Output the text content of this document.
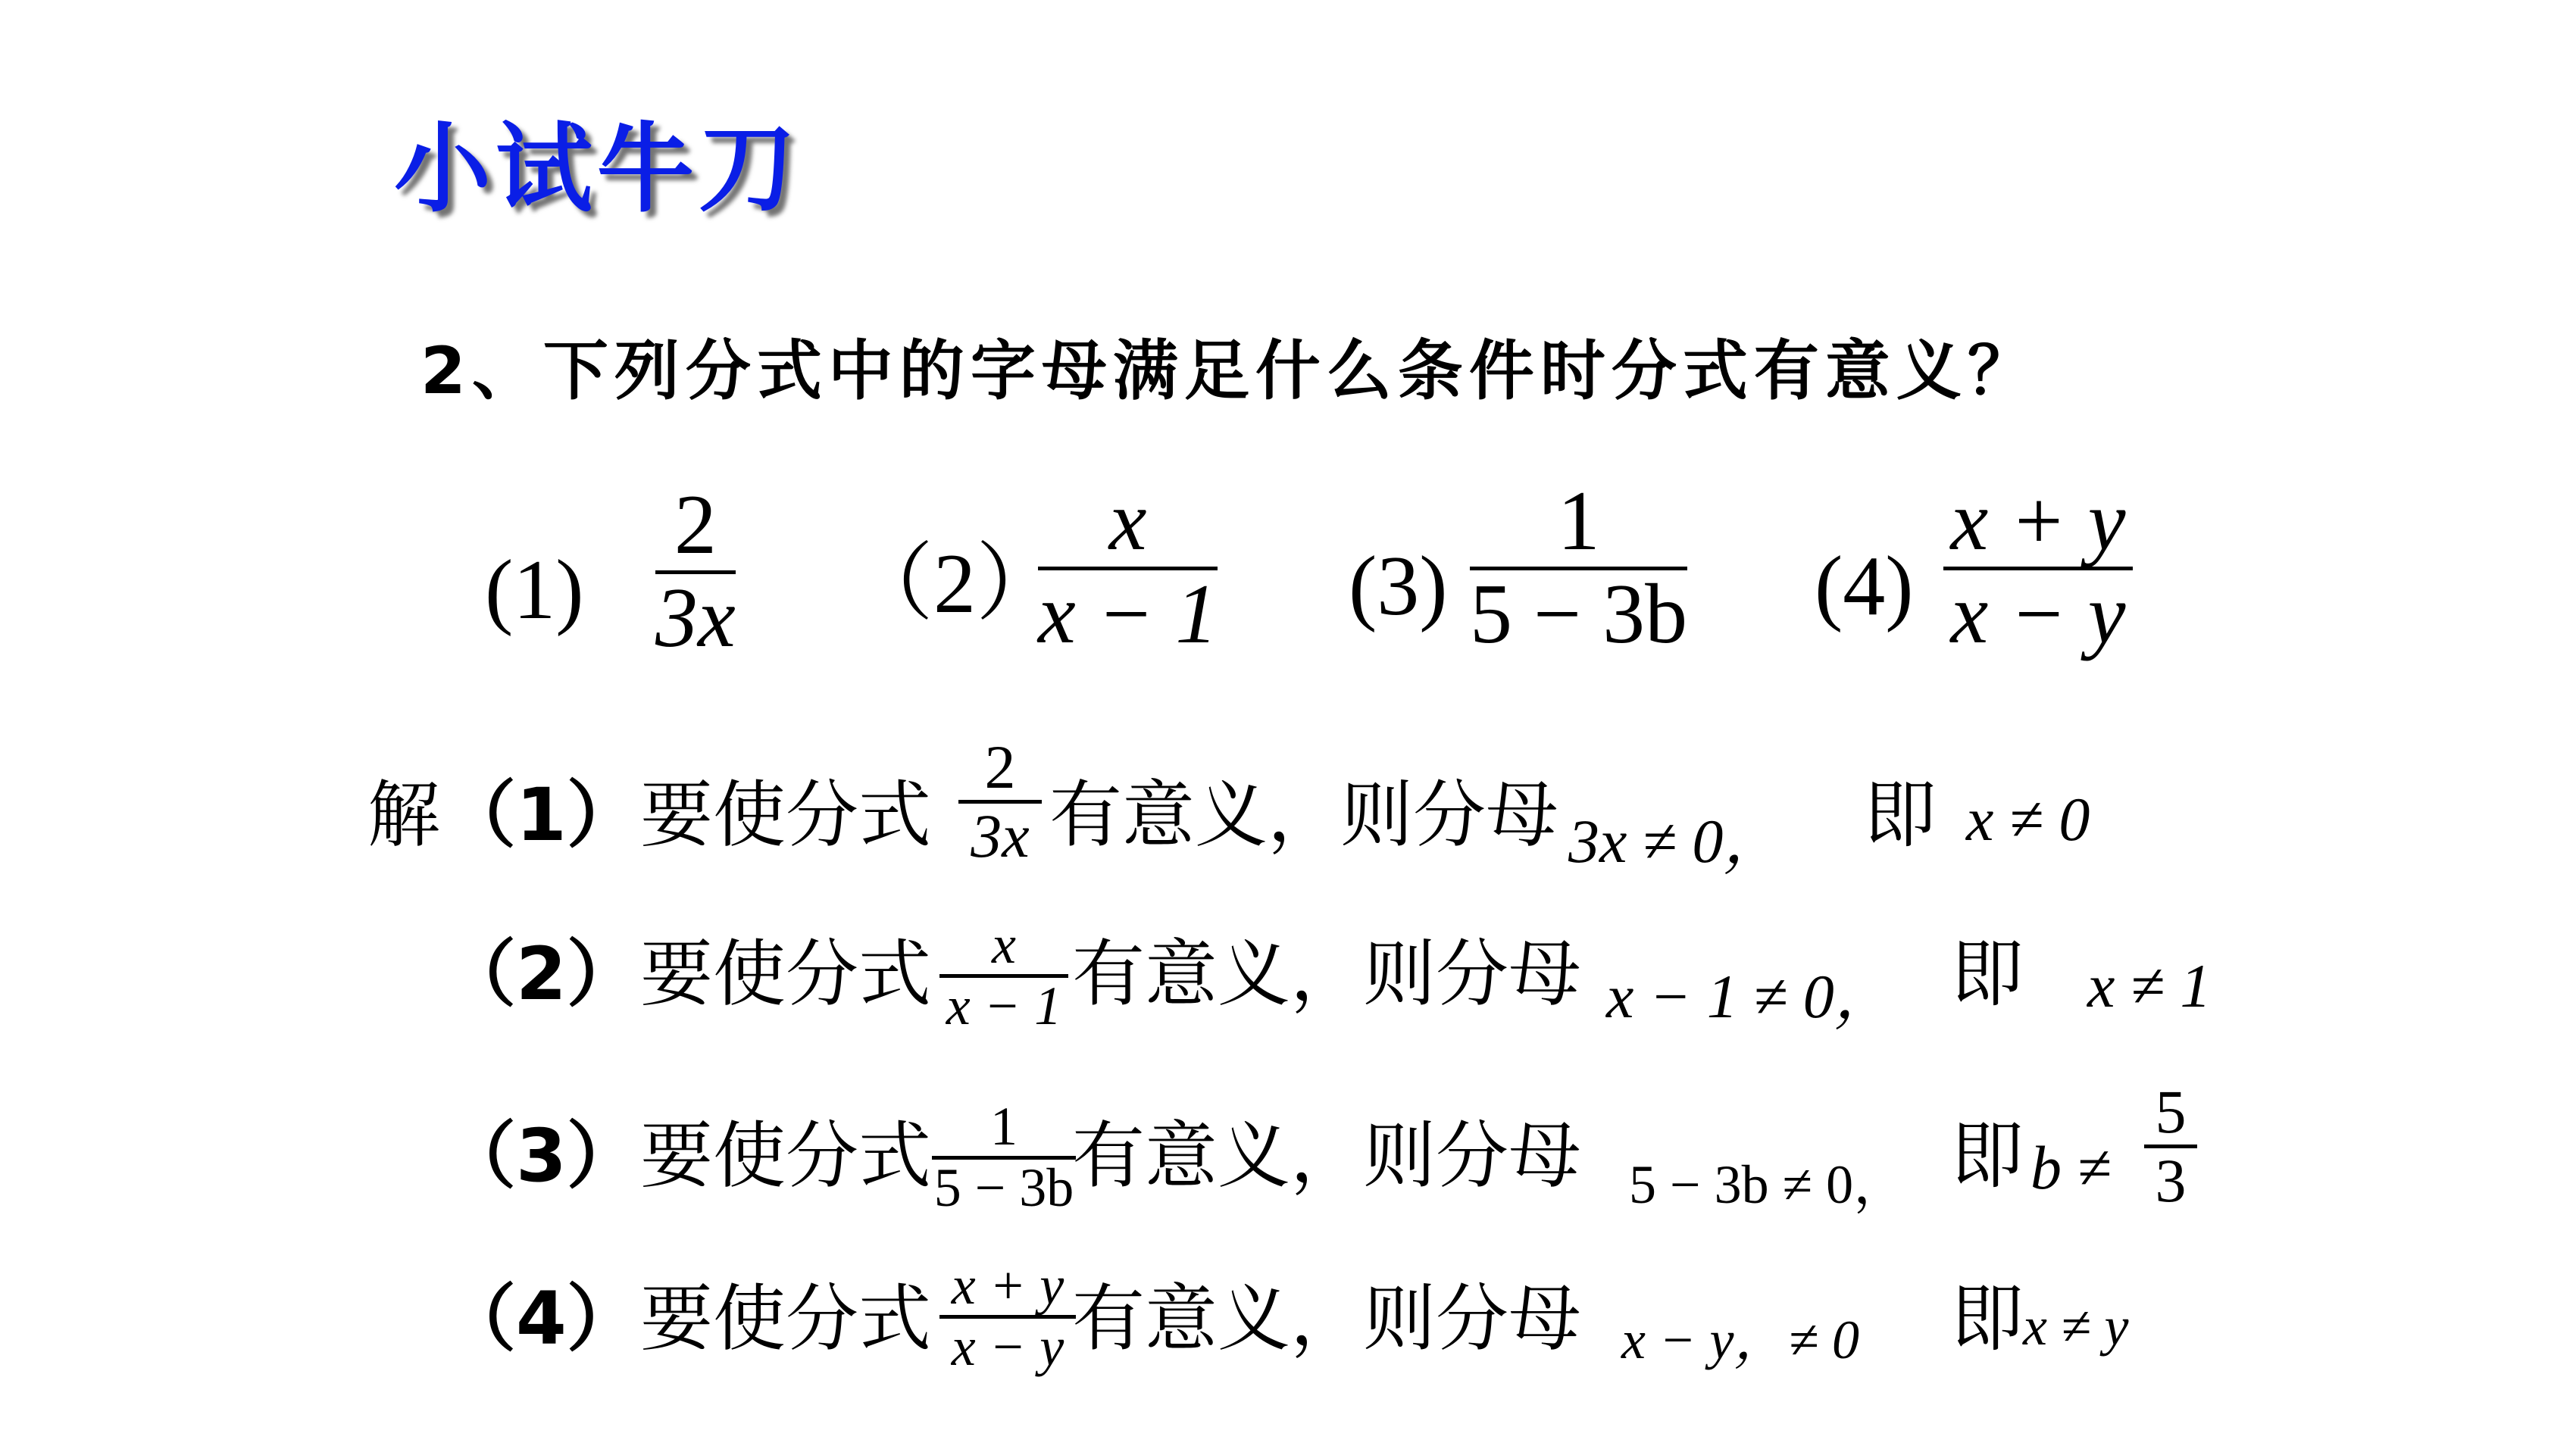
小试牛刀
2、下列分式中的字母满足什么条件时分式有意义？
(1)
2
3x （2）
x
x − 1 (3)
1
5 − 3b (4)
x + y
x − y
解 （1） 要使分式
2
3x 有意义，则分母 3x ≠ 0， 即 x ≠ 0
（2） 要使分式 x
x − 1 有意义，则分母 x − 1 ≠ 0， 即 x ≠ 1
（3） 要使分式 1
5 − 3b
有意义，则分母 5 − 3b ≠ 0， 即 b ≠
5
3
（4） 要使分式 x + y
x − y 有意义，则分母 x − y，≠ 0 即 x ≠ y
